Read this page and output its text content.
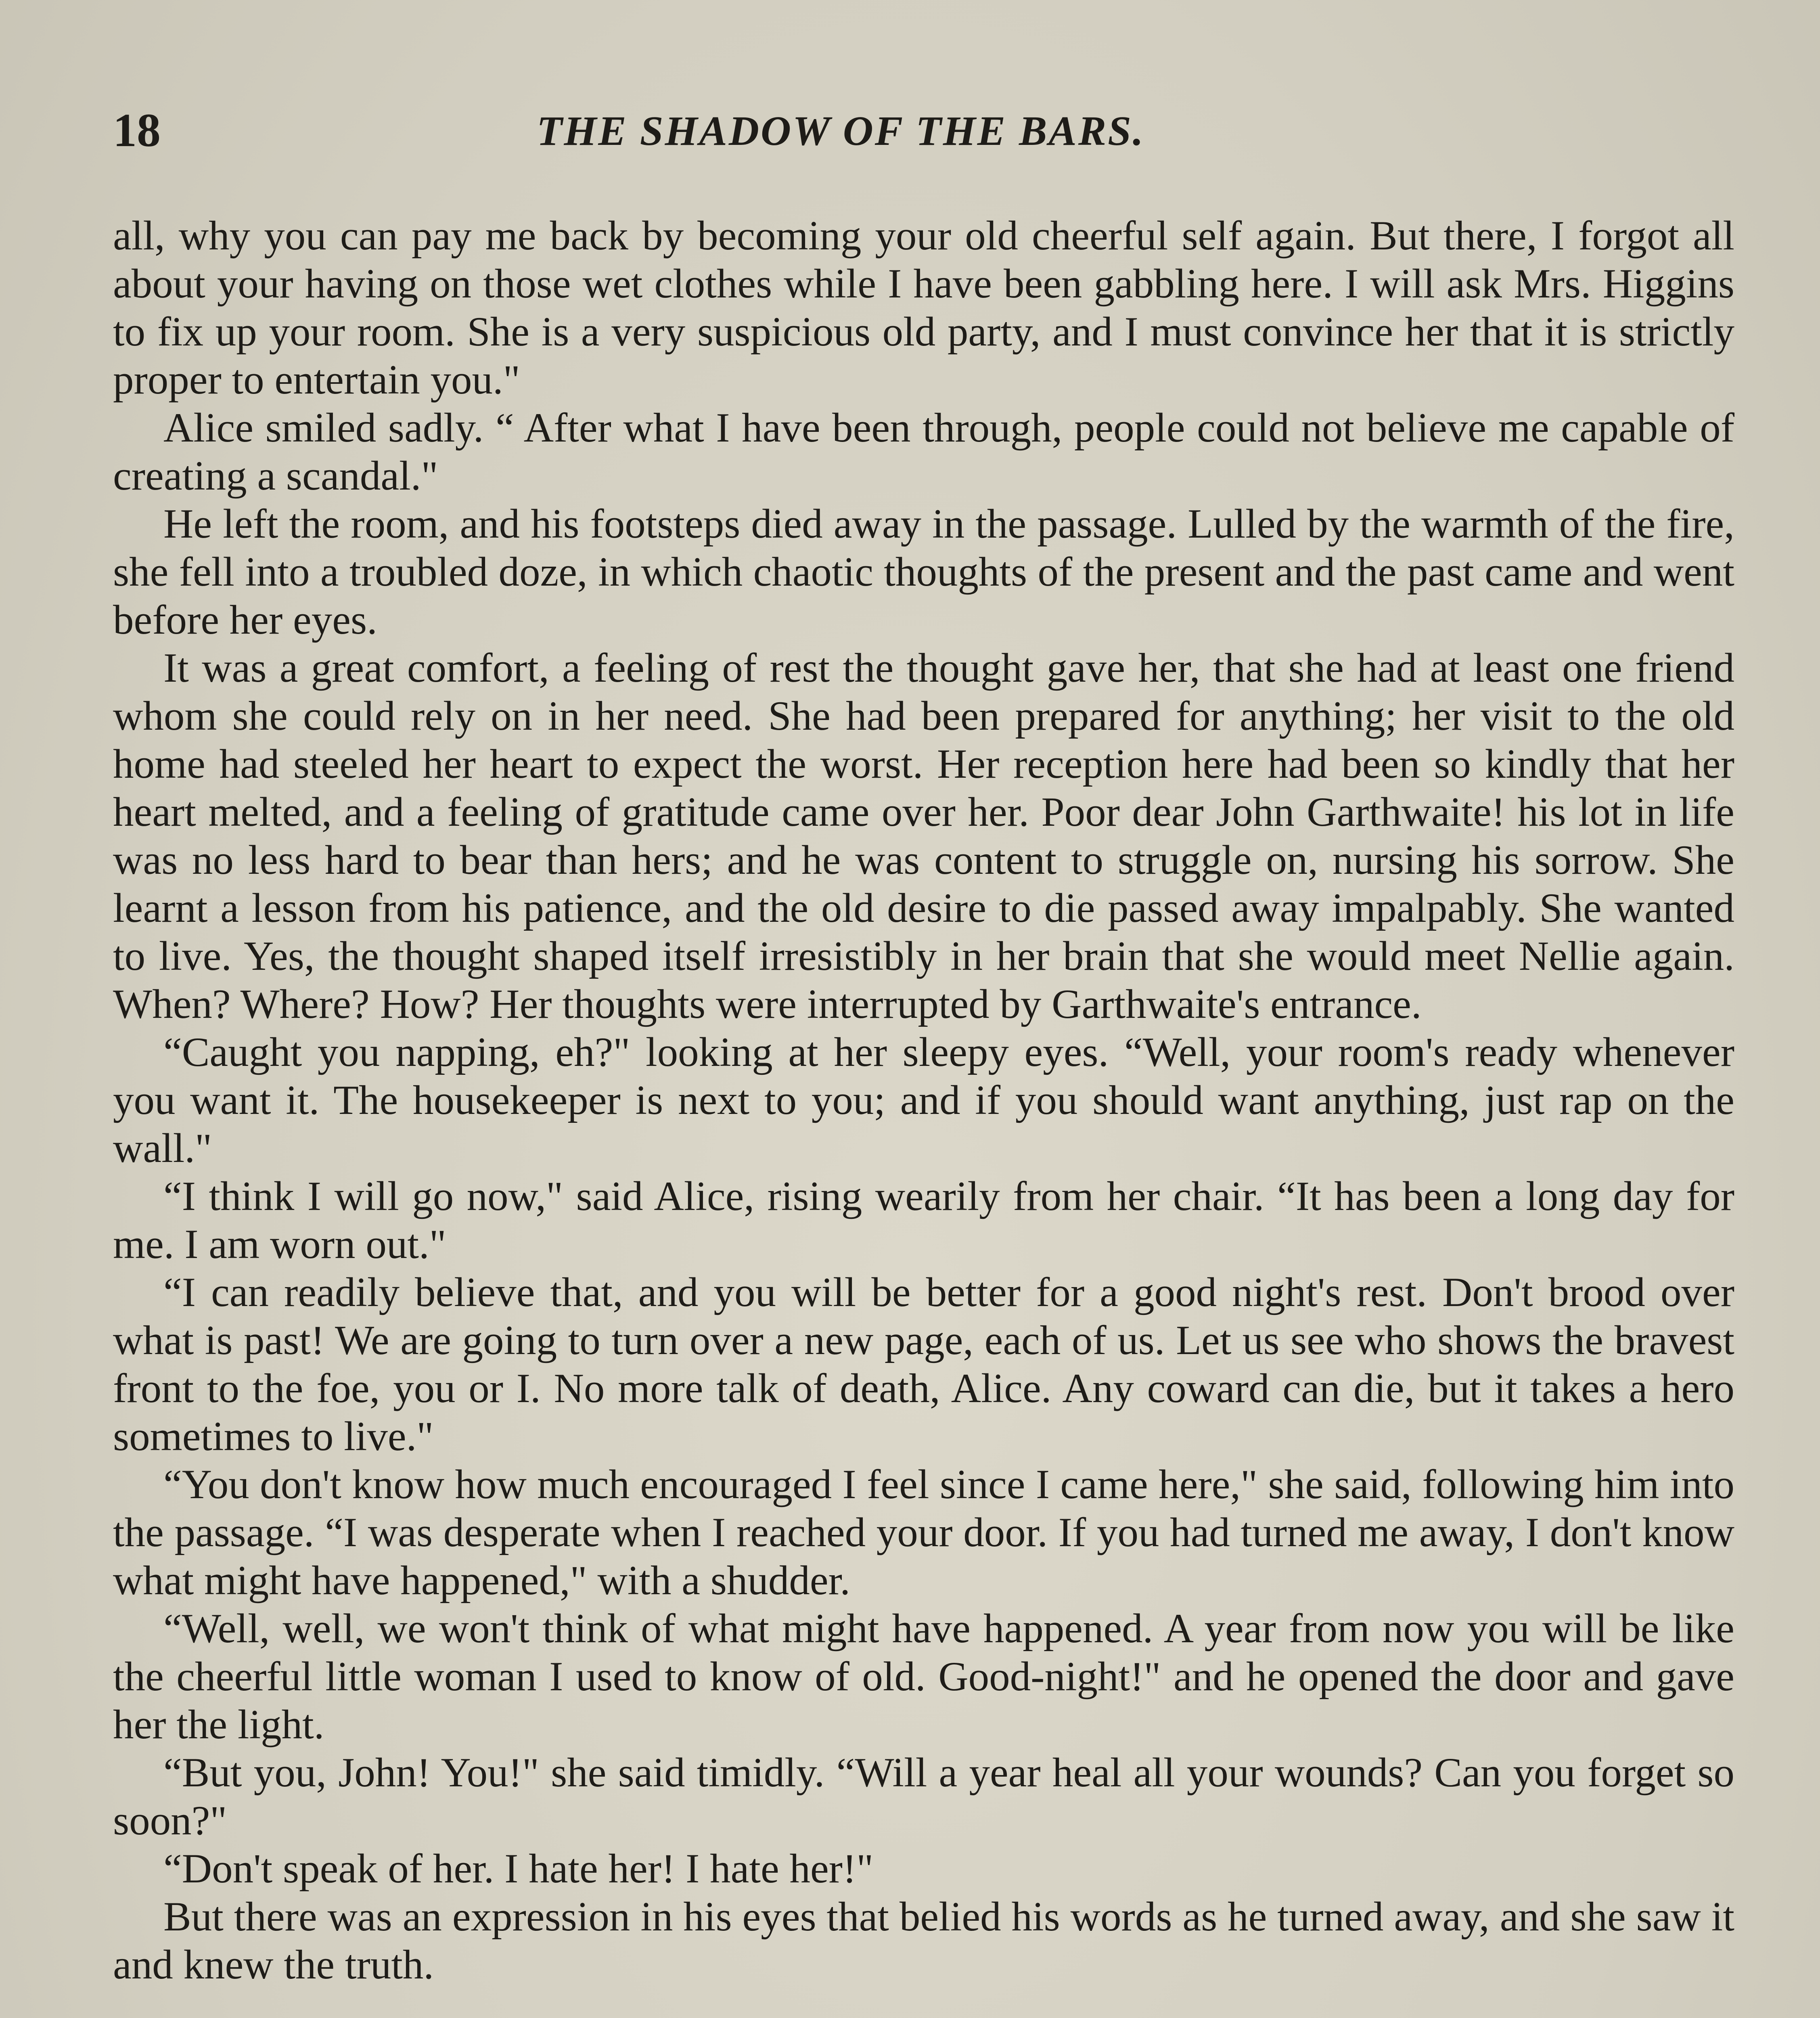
18	THE SHADOW OF THE BARS.

all, why you can pay me back by becoming your old cheerful self again. But there, I forgot all about your having on those wet clothes while I have been gabbling here. I will ask Mrs. Higgins to fix up your room. She is a very suspicious old party, and I must convince her that it is strictly proper to entertain you."

Alice smiled sadly. “ After what I have been through, people could not believe me capable of creating a scandal."

He left the room, and his footsteps died away in the passage. Lulled by the warmth of the fire, she fell into a troubled doze, in which chaotic thoughts of the present and the past came and went before her eyes.

It was a great comfort, a feeling of rest the thought gave her, that she had at least one friend whom she could rely on in her need. She had been prepared for anything; her visit to the old home had steeled her heart to expect the worst. Her reception here had been so kindly that her heart melted, and a feeling of gratitude came over her. Poor dear John Garthwaite! his lot in life was no less hard to bear than hers; and he was content to struggle on, nursing his sorrow. She learnt a lesson from his patience, and the old desire to die passed away impalpably. She wanted to live. Yes, the thought shaped itself irresistibly in her brain that she would meet Nellie again. When? Where? How? Her thoughts were interrupted by Garthwaite's entrance.

“Caught you napping, eh?" looking at her sleepy eyes. “Well, your room's ready whenever you want it. The housekeeper is next to you; and if you should want anything, just rap on the wall."

“I think I will go now," said Alice, rising wearily from her chair. “It has been a long day for me. I am worn out."

“I can readily believe that, and you will be better for a good night's rest. Don't brood over what is past! We are going to turn over a new page, each of us. Let us see who shows the bravest front to the foe, you or I. No more talk of death, Alice. Any coward can die, but it takes a hero sometimes to live."

“You don't know how much encouraged I feel since I came here," she said, following him into the passage. “I was desperate when I reached your door. If you had turned me away, I don't know what might have happened," with a shudder.

“Well, well, we won't think of what might have happened. A year from now you will be like the cheerful little woman I used to know of old. Good-night!" and he opened the door and gave her the light.

“But you, John! You!" she said timidly. “Will a year heal all your wounds? Can you forget so soon?"

“Don't speak of her. I hate her! I hate her!"

But there was an expression in his eyes that belied his words as he turned away, and she saw it and knew the truth.
